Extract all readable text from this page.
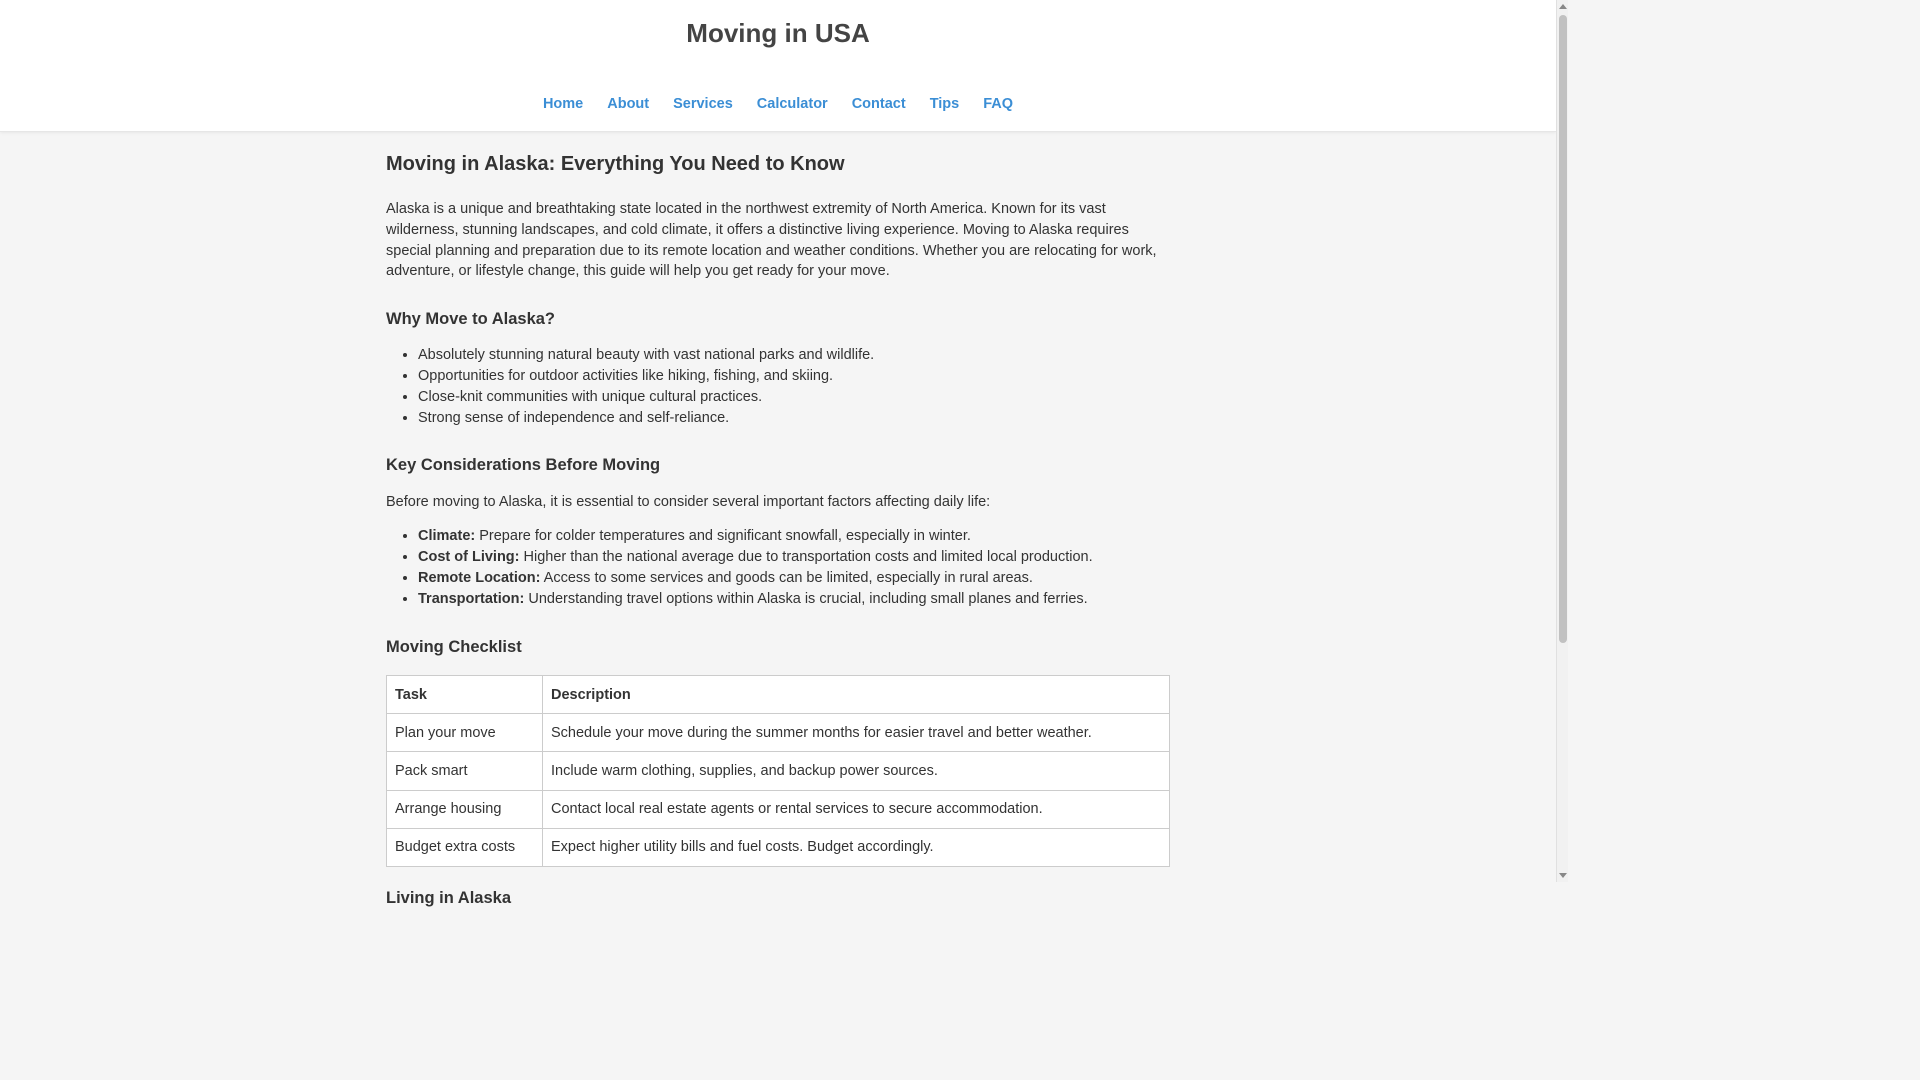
Moving in USA
Home	About	Services	Calculator	Contact	Tips	FAQ
Moving in Alaska: Everything You Need to Know

Alaska is a unique and breathtaking state located in the northwest extremity of North America. Known for its vast wilderness, stunning landscapes, and cold climate, it offers a distinctive living experience. Moving to Alaska requires special planning and preparation due to its remote location and weather conditions. Whether you are relocating for work, adventure, or lifestyle change, this guide will help you get ready for your move.

Why Move to Alaska?
• Absolutely stunning natural beauty with vast national parks and wildlife.
• Opportunities for outdoor activities like hiking, fishing, and skiing.
• Close-knit communities with unique cultural practices.
• Strong sense of independence and self-reliance.
Key Considerations Before Moving

Before moving to Alaska, it is essential to consider several important factors affecting daily life:

• Climate: Prepare for colder temperatures and significant snowfall, especially in winter.
• Cost of Living: Higher than the national average due to transportation costs and limited local production.
• Remote Location: Access to some services and goods can be limited, especially in rural areas.
• Transportation: Understanding travel options within Alaska is crucial, including small planes and ferries.
Moving Checklist
Task	Description
Plan your move	Schedule your move during the summer months for easier travel and better weather.
Pack smart	Include warm clothing, supplies, and backup power sources.
Arrange housing	Contact local real estate agents or rental services to secure accommodation.
Budget extra costs	Expect higher utility bills and fuel costs. Budget accordingly.
Living in Alaska
